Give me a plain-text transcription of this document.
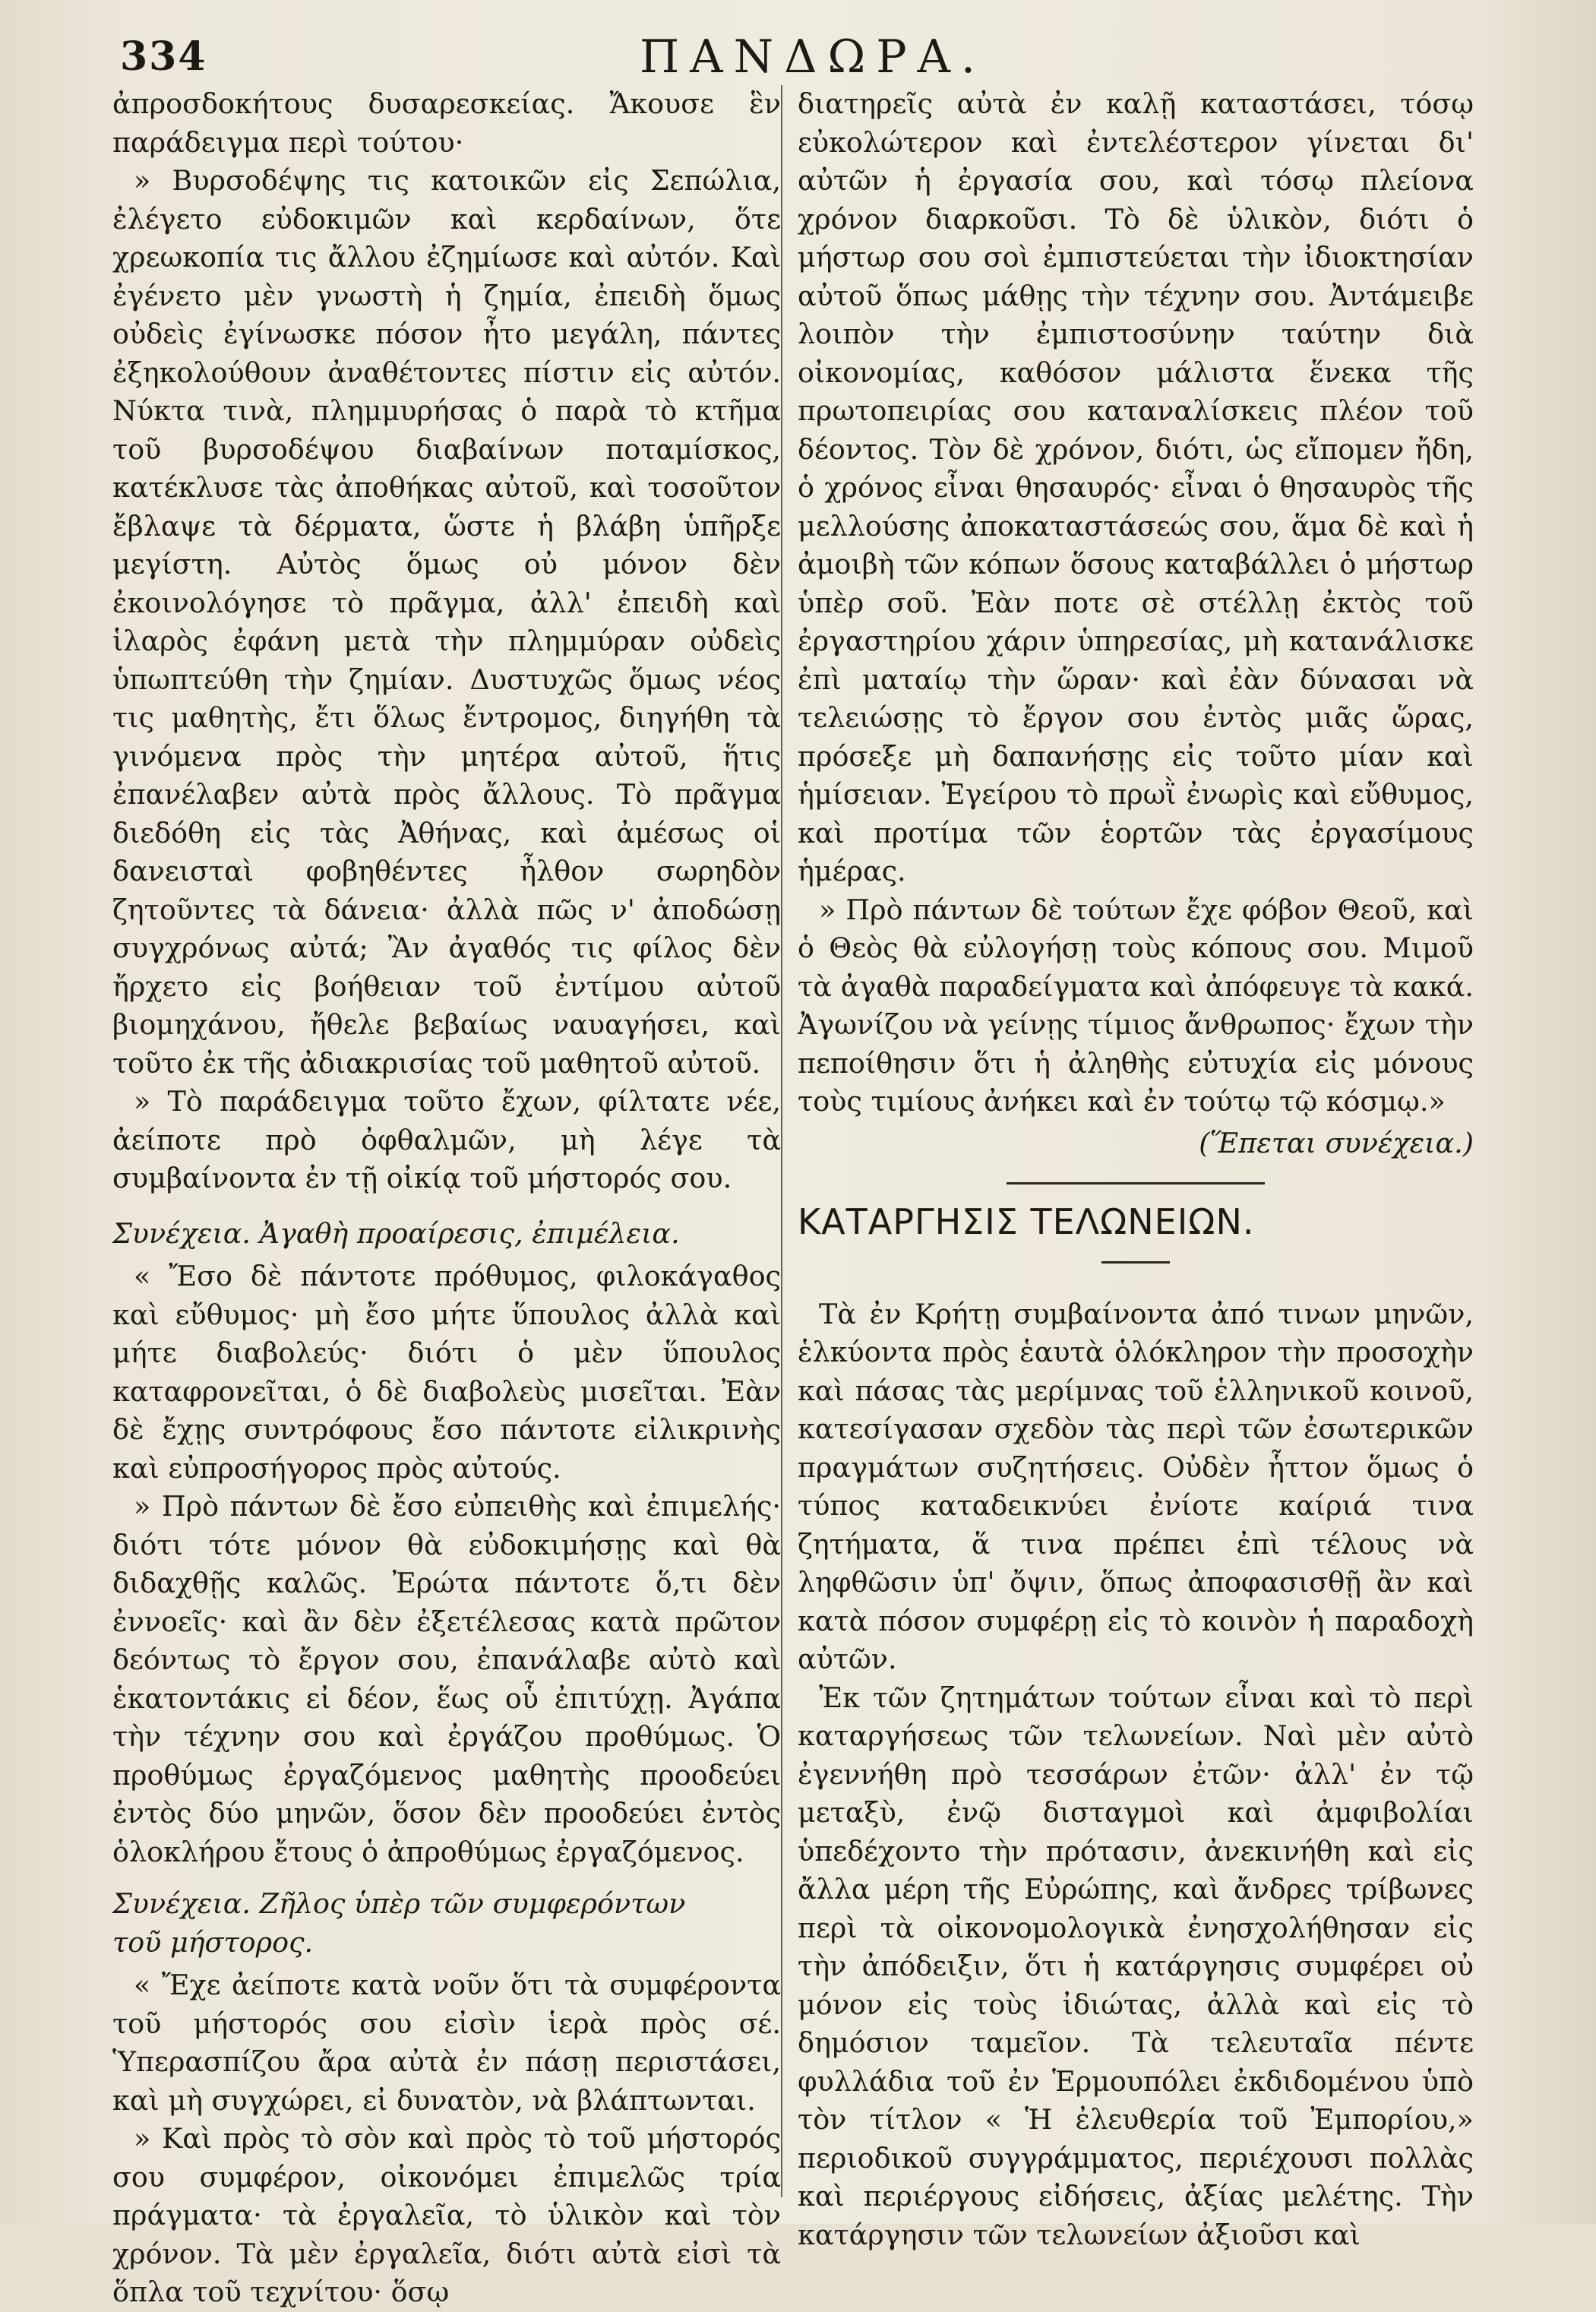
334	ΠΑΝΔΩΡΑ.

ἀπροσδοκήτους δυσαρεσκείας. Ἄκουσε ἓν παράδειγμα περὶ τούτου·

» Βυρσοδέψης τις κατοικῶν εἰς Σεπώλια, ἐλέγετο εὐδοκιμῶν καὶ κερδαίνων, ὅτε χρεωκοπία τις ἄλλου ἐζημίωσε καὶ αὐτόν. Καὶ ἐγένετο μὲν γνωστὴ ἡ ζημία, ἐπειδὴ ὅμως οὐδεὶς ἐγίνωσκε πόσον ἦτο μεγάλη, πάντες ἐξηκολούθουν ἀναθέτοντες πίστιν εἰς αὐτόν. Νύκτα τινὰ, πλημμυρήσας ὁ παρὰ τὸ κτῆμα τοῦ βυρσοδέψου διαβαίνων ποταμίσκος, κατέκλυσε τὰς ἀποθήκας αὐτοῦ, καὶ τοσοῦτον ἔβλαψε τὰ δέρματα, ὥστε ἡ βλάβη ὑπῆρξε μεγίστη. Αὐτὸς ὅμως οὐ μόνον δὲν ἐκοινολόγησε τὸ πρᾶγμα, ἀλλ' ἐπειδὴ καὶ ἱλαρὸς ἐφάνη μετὰ τὴν πλημμύραν οὐδεὶς ὑπωπτεύθη τὴν ζημίαν. Δυστυχῶς ὅμως νέος τις μαθητὴς, ἔτι ὅλως ἔντρομος, διηγήθη τὰ γινόμενα πρὸς τὴν μητέρα αὐτοῦ, ἥτις ἐπανέλαβεν αὐτὰ πρὸς ἄλλους. Τὸ πρᾶγμα διεδόθη εἰς τὰς Ἀθήνας, καὶ ἀμέσως οἱ δανεισταὶ φοβηθέντες ἦλθον σωρηδὸν ζητοῦντες τὰ δάνεια· ἀλλὰ πῶς ν' ἀποδώσῃ συγχρόνως αὐτά; Ἂν ἀγαθός τις φίλος δὲν ἤρχετο εἰς βοήθειαν τοῦ ἐντίμου αὐτοῦ βιομηχάνου, ἤθελε βεβαίως ναυαγήσει, καὶ τοῦτο ἐκ τῆς ἀδιακρισίας τοῦ μαθητοῦ αὐτοῦ.

» Τὸ παράδειγμα τοῦτο ἔχων, φίλτατε νέε, ἀείποτε πρὸ ὀφθαλμῶν, μὴ λέγε τὰ συμβαίνοντα ἐν τῇ οἰκίᾳ τοῦ μήστορός σου.

Συνέχεια. Ἀγαθὴ προαίρεσις, ἐπιμέλεια.

« Ἔσο δὲ πάντοτε πρόθυμος, φιλοκάγαθος καὶ εὔθυμος· μὴ ἔσο μήτε ὕπουλος ἀλλὰ καὶ μήτε διαβολεύς· διότι ὁ μὲν ὕπουλος καταφρονεῖται, ὁ δὲ διαβολεὺς μισεῖται. Ἐὰν δὲ ἔχῃς συντρόφους ἔσο πάντοτε εἰλικρινὴς καὶ εὐπροσήγορος πρὸς αὐτούς.

» Πρὸ πάντων δὲ ἔσο εὐπειθὴς καὶ ἐπιμελής· διότι τότε μόνον θὰ εὐδοκιμήσῃς καὶ θὰ διδαχθῇς καλῶς. Ἐρώτα πάντοτε ὅ,τι δὲν ἐννοεῖς· καὶ ἂν δὲν ἐξετέλεσας κατὰ πρῶτον δεόντως τὸ ἔργον σου, ἐπανάλαβε αὐτὸ καὶ ἑκατοντάκις εἰ δέον, ἕως οὗ ἐπιτύχῃ. Ἀγάπα τὴν τέχνην σου καὶ ἐργάζου προθύμως. Ὁ προθύμως ἐργαζόμενος μαθητὴς προοδεύει ἐντὸς δύο μηνῶν, ὅσον δὲν προοδεύει ἐντὸς ὁλοκλήρου ἔτους ὁ ἀπροθύμως ἐργαζόμενος.

Συνέχεια. Ζῆλος ὑπὲρ τῶν συμφερόντων

τοῦ μήστορος.

« Ἔχε ἀείποτε κατὰ νοῦν ὅτι τὰ συμφέροντα τοῦ μήστορός σου εἰσὶν ἱερὰ πρὸς σέ. Ὑπερασπίζου ἄρα αὐτὰ ἐν πάσῃ περιστάσει, καὶ μὴ συγχώρει, εἰ δυνατὸν, νὰ βλάπτωνται.

» Καὶ πρὸς τὸ σὸν καὶ πρὸς τὸ τοῦ μήστορός σου συμφέρον, οἰκονόμει ἐπιμελῶς τρία πράγματα· τὰ ἐργαλεῖα, τὸ ὑλικὸν καὶ τὸν χρόνον. Τὰ μὲν ἐργαλεῖα, διότι αὐτὰ εἰσὶ τὰ ὅπλα τοῦ τεχνίτου· ὅσῳ

διατηρεῖς αὐτὰ ἐν καλῇ καταστάσει, τόσῳ εὐκολώτερον καὶ ἐντελέστερον γίνεται δι' αὐτῶν ἡ ἐργασία σου, καὶ τόσῳ πλείονα χρόνον διαρκοῦσι. Τὸ δὲ ὑλικὸν, διότι ὁ μήστωρ σου σοὶ ἐμπιστεύεται τὴν ἰδιοκτησίαν αὐτοῦ ὅπως μάθῃς τὴν τέχνην σου. Ἀντάμειβε λοιπὸν τὴν ἐμπιστοσύνην ταύτην διὰ οἰκονομίας, καθόσον μάλιστα ἕνεκα τῆς πρωτοπειρίας σου καταναλίσκεις πλέον τοῦ δέοντος. Τὸν δὲ χρόνον, διότι, ὡς εἴπομεν ἤδη, ὁ χρόνος εἶναι θησαυρός· εἶναι ὁ θησαυρὸς τῆς μελλούσης ἀποκαταστάσεώς σου, ἅμα δὲ καὶ ἡ ἀμοιβὴ τῶν κόπων ὅσους καταβάλλει ὁ μήστωρ ὑπὲρ σοῦ. Ἐὰν ποτε σὲ στέλλῃ ἐκτὸς τοῦ ἐργαστηρίου χάριν ὑπηρεσίας, μὴ κατανάλισκε ἐπὶ ματαίῳ τὴν ὥραν· καὶ ἐὰν δύνασαι νὰ τελειώσῃς τὸ ἔργον σου ἐντὸς μιᾶς ὥρας, πρόσεξε μὴ δαπανήσῃς εἰς τοῦτο μίαν καὶ ἡμίσειαν. Ἐγείρου τὸ πρωῒ ἐνωρὶς καὶ εὔθυμος, καὶ προτίμα τῶν ἑορτῶν τὰς ἐργασίμους ἡμέρας.

» Πρὸ πάντων δὲ τούτων ἔχε φόβον Θεοῦ, καὶ ὁ Θεὸς θὰ εὐλογήσῃ τοὺς κόπους σου. Μιμοῦ τὰ ἀγαθὰ παραδείγματα καὶ ἀπόφευγε τὰ κακά. Ἀγωνίζου νὰ γείνῃς τίμιος ἄνθρωπος· ἔχων τὴν πεποίθησιν ὅτι ἡ ἀληθὴς εὐτυχία εἰς μόνους τοὺς τιμίους ἀνήκει καὶ ἐν τούτῳ τῷ κόσμῳ.»

(Ἕπεται συνέχεια.)

ΚΑΤΑΡΓΗΣΙΣ ΤΕΛΩΝΕΙΩΝ.

Τὰ ἐν Κρήτῃ συμβαίνοντα ἀπό τινων μηνῶν, ἑλκύοντα πρὸς ἑαυτὰ ὁλόκληρον τὴν προσοχὴν καὶ πάσας τὰς μερίμνας τοῦ ἑλληνικοῦ κοινοῦ, κατεσίγασαν σχεδὸν τὰς περὶ τῶν ἐσωτερικῶν πραγμάτων συζητήσεις. Οὐδὲν ἧττον ὅμως ὁ τύπος καταδεικνύει ἐνίοτε καίριά τινα ζητήματα, ἅ τινα πρέπει ἐπὶ τέλους νὰ ληφθῶσιν ὑπ' ὄψιν, ὅπως ἀποφασισθῇ ἂν καὶ κατὰ πόσον συμφέρῃ εἰς τὸ κοινὸν ἡ παραδοχὴ αὐτῶν.

Ἐκ τῶν ζητημάτων τούτων εἶναι καὶ τὸ περὶ καταργήσεως τῶν τελωνείων. Ναὶ μὲν αὐτὸ ἐγεννήθη πρὸ τεσσάρων ἐτῶν· ἀλλ' ἐν τῷ μεταξὺ, ἐνῷ δισταγμοὶ καὶ ἀμφιβολίαι ὑπεδέχοντο τὴν πρότασιν, ἀνεκινήθη καὶ εἰς ἄλλα μέρη τῆς Εὐρώπης, καὶ ἄνδρες τρίβωνες περὶ τὰ οἰκονομολογικὰ ἐνησχολήθησαν εἰς τὴν ἀπόδειξιν, ὅτι ἡ κατάργησις συμφέρει οὐ μόνον εἰς τοὺς ἰδιώτας, ἀλλὰ καὶ εἰς τὸ δημόσιον ταμεῖον. Τὰ τελευταῖα πέντε φυλλάδια τοῦ ἐν Ἑρμουπόλει ἐκδιδομένου ὑπὸ τὸν τίτλον « Ἡ ἐλευθερία τοῦ Ἐμπορίου,» περιοδικοῦ συγγράμματος, περιέχουσι πολλὰς καὶ περιέργους εἰδήσεις, ἀξίας μελέτης. Τὴν κατάργησιν τῶν τελωνείων ἀξιοῦσι καὶ
